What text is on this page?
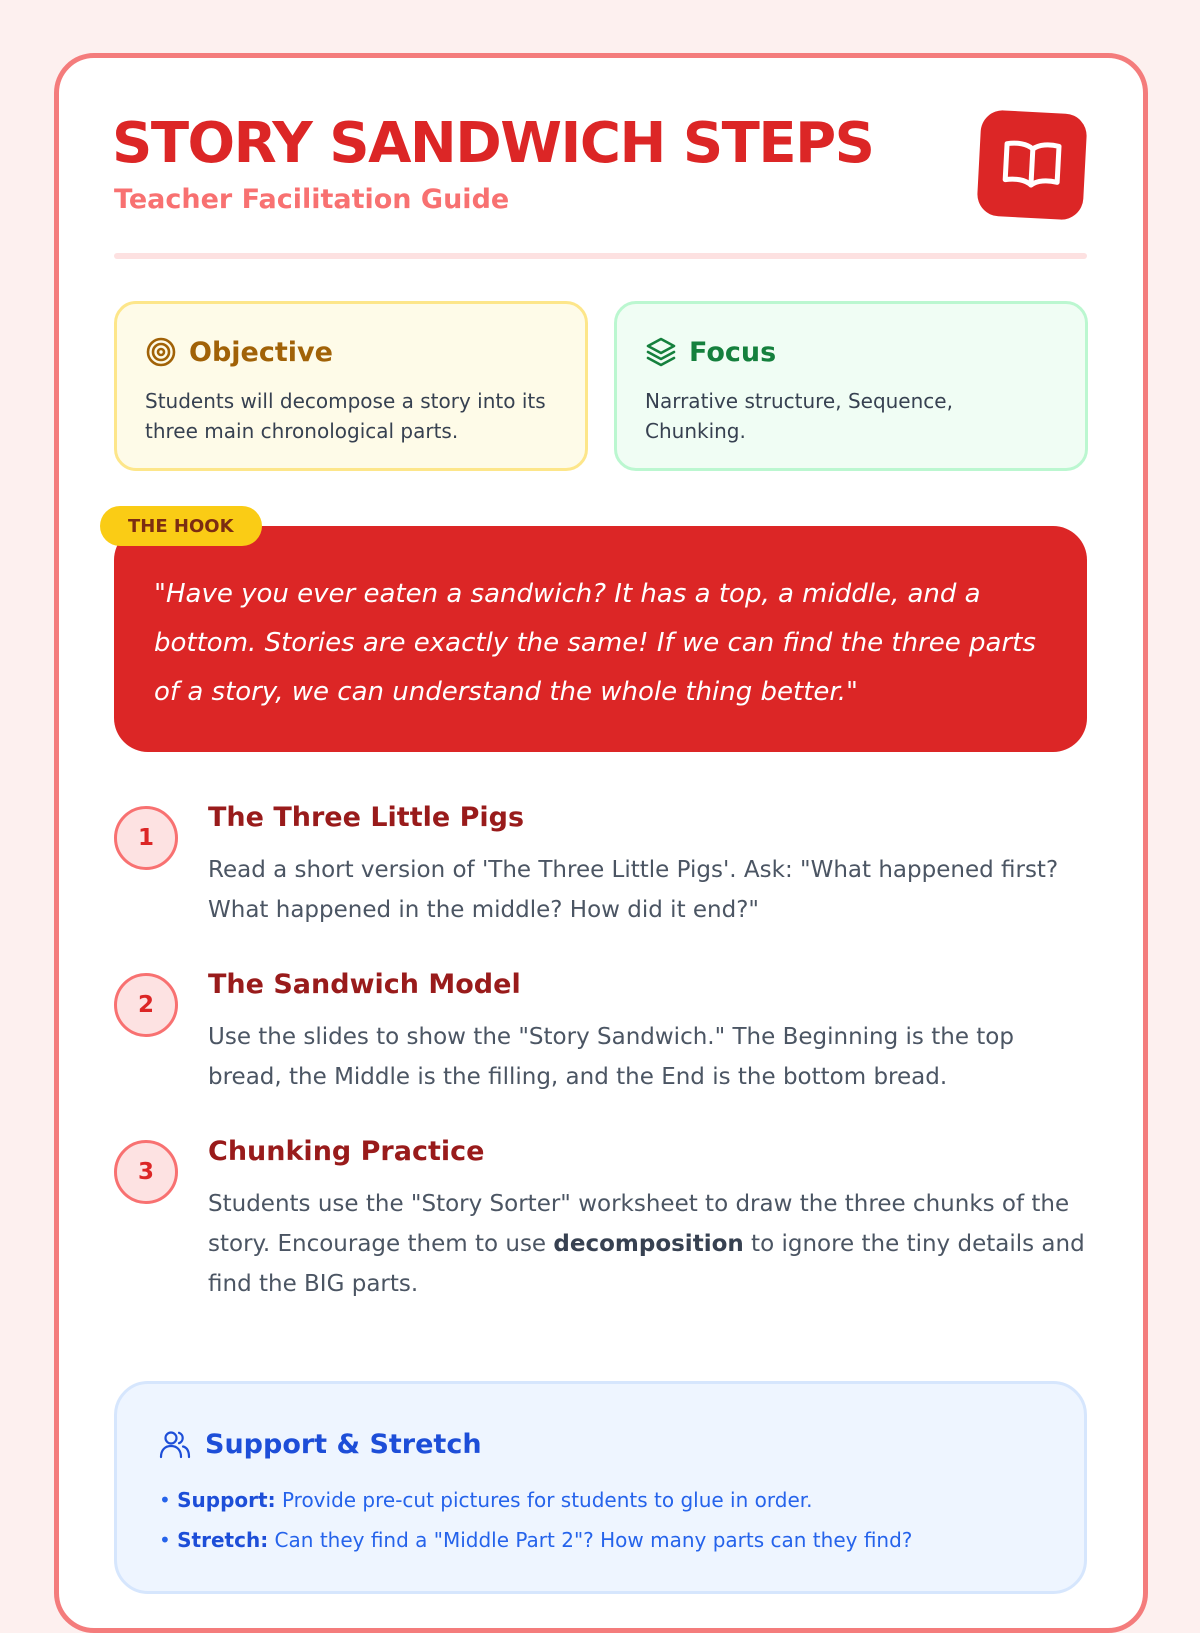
STORY SANDWICH STEPS
Teacher Facilitation Guide
Objective

Students will decompose a story into its three main chronological parts.

Focus

Narrative structure, Sequence, Chunking.

"Have you ever eaten a sandwich? It has a top, a middle, and a bottom. Stories are exactly the same! If we can find the three parts of a story, we can understand the whole thing better."

THE HOOK
1
The Three Little Pigs

Read a short version of 'The Three Little Pigs'. Ask: "What happened first? What happened in the middle? How did it end?"

2
The Sandwich Model

Use the slides to show the "Story Sandwich." The Beginning is the top bread, the Middle is the filling, and the End is the bottom bread.

3
Chunking Practice

Students use the "Story Sorter" worksheet to draw the three chunks of the story. Encourage them to use decomposition to ignore the tiny details and find the BIG parts.

Support & Stretch
• Support: Provide pre-cut pictures for students to glue in order.
• Stretch: Can they find a "Middle Part 2"? How many parts can they find?
